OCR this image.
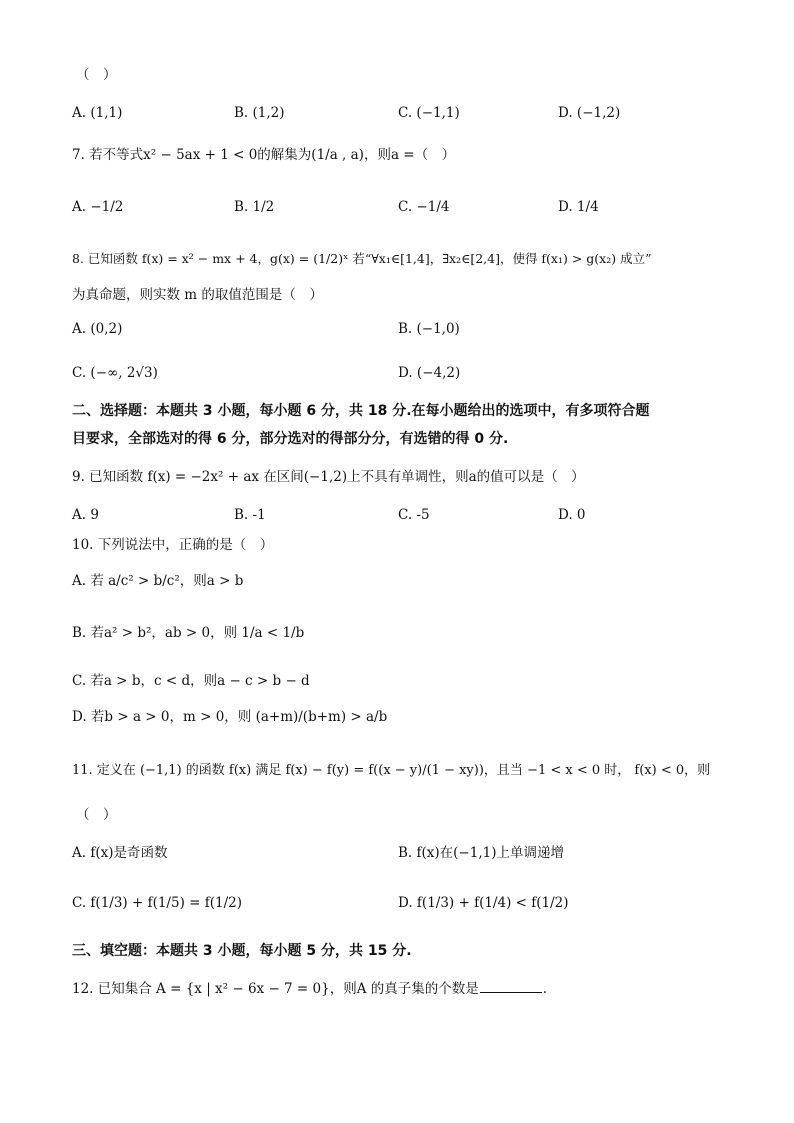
（　）
A. (1,1)	B. (1,2)	C. (−1,1)	D. (−1,2)
7. 若不等式x² − 5ax + 1 < 0的解集为(1/a , a)，则a =（　）
A. −1/2	B. 1/2	C. −1/4	D. 1/4
8. 已知函数 f(x) = x² − mx + 4，g(x) = (1/2)ˣ 若“∀x₁∈[1,4]，∃x₂∈[2,4]，使得 f(x₁) > g(x₂) 成立”
为真命题，则实数 m 的取值范围是（　）
A. (0,2)	B. (−1,0)
C. (−∞, 2√3)	D. (−4,2)
二、选择题：本题共 3 小题，每小题 6 分，共 18 分.在每小题给出的选项中，有多项符合题
目要求，全部选对的得 6 分，部分选对的得部分分，有选错的得 0 分.
9. 已知函数 f(x) = −2x² + ax 在区间(−1,2)上不具有单调性，则a的值可以是（　）
A. 9	B. -1	C. -5	D. 0
10. 下列说法中，正确的是（　）
A. 若 a/c² > b/c²，则a > b
B. 若a² > b²，ab > 0，则 1/a < 1/b
C. 若a > b，c < d，则a − c > b − d
D. 若b > a > 0，m > 0，则 (a+m)/(b+m) > a/b
11. 定义在 (−1,1) 的函数 f(x) 满足 f(x) − f(y) = f((x − y)/(1 − xy))，且当 −1 < x < 0 时， f(x) < 0，则
（　）
A. f(x)是奇函数	B. f(x)在(−1,1)上单调递增
C. f(1/3) + f(1/5) = f(1/2)	D. f(1/3) + f(1/4) < f(1/2)
三、填空题：本题共 3 小题，每小题 5 分，共 15 分.
12. 已知集合 A = {x | x² − 6x − 7 = 0}，则A 的真子集的个数是	.
